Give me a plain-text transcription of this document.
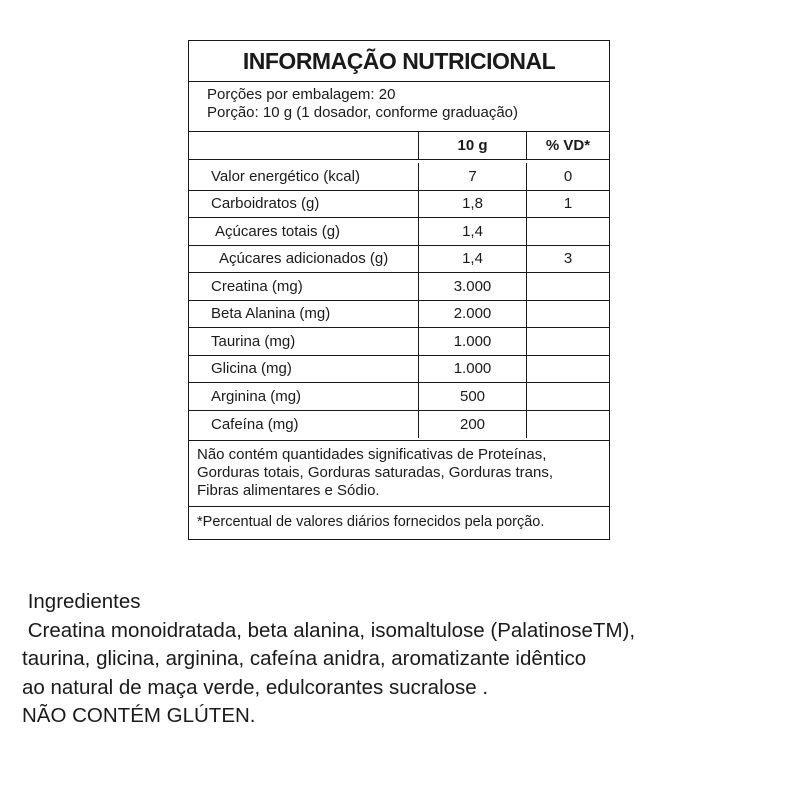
INFORMAÇÃO NUTRICIONAL
Porções por embalagem: 20
Porção: 10 g (1 dosador, conforme graduação)
10 g	% VD*
Valor energético (kcal)	7	0
Carboidratos (g)	1,8	1
Açúcares totais (g)	1,4
Açúcares adicionados (g)	1,4	3
Creatina (mg)	3.000
Beta Alanina (mg)	2.000
Taurina (mg)	1.000
Glicina (mg)	1.000
Arginina (mg)	500
Cafeína (mg)	200
Não contém quantidades significativas de Proteínas,
Gorduras totais, Gorduras saturadas, Gorduras trans,
Fibras alimentares e Sódio.
*Percentual de valores diários fornecidos pela porção.
Ingredientes
Creatina monoidratada, beta alanina, isomaltulose (PalatinoseTM),
taurina, glicina, arginina, cafeína anidra, aromatizante idêntico
ao natural de maça verde, edulcorantes sucralose .
NÃO CONTÉM GLÚTEN.
